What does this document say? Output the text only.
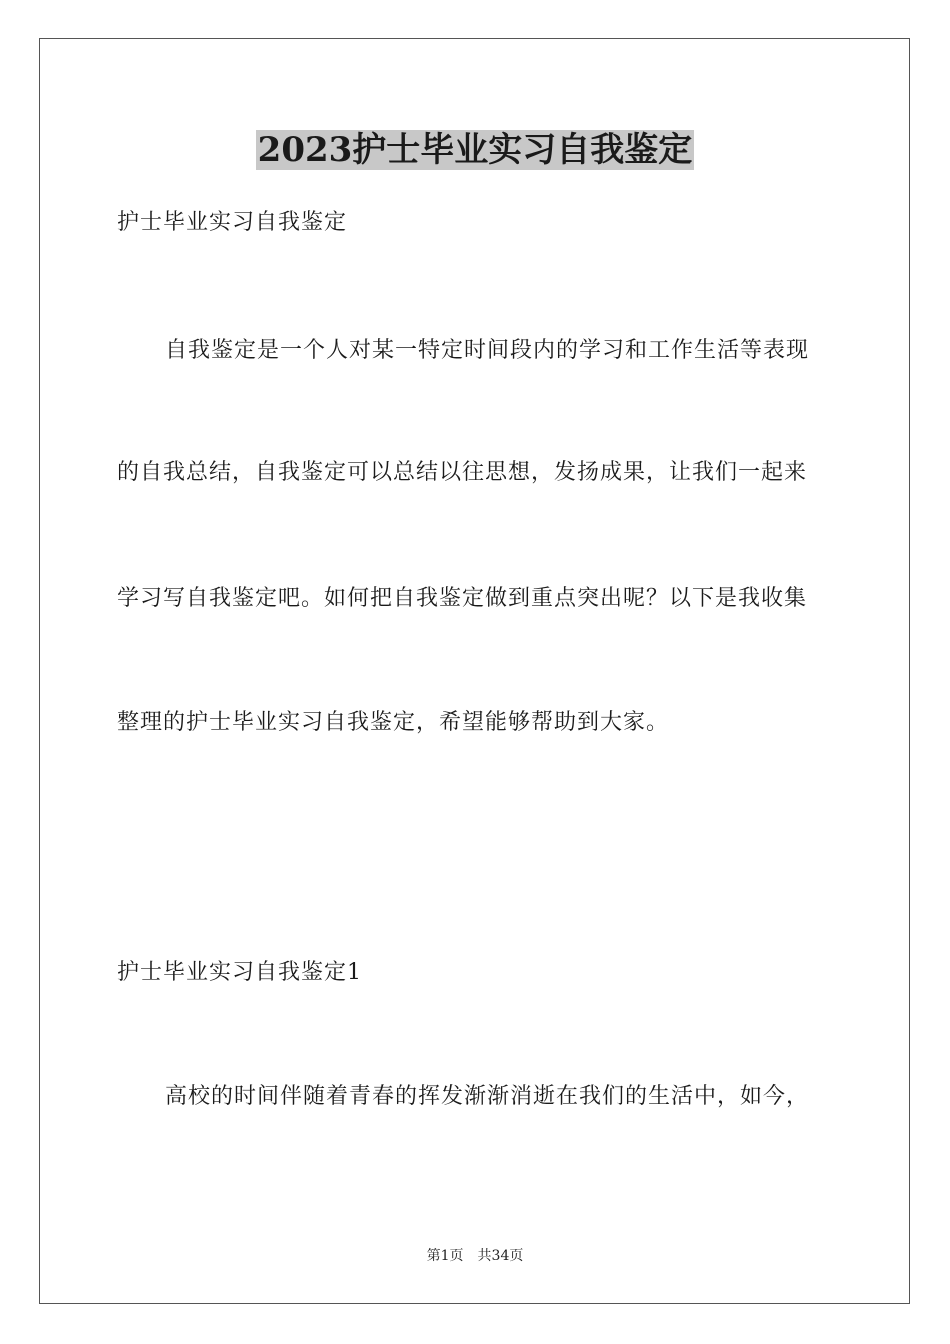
2023护士毕业实习自我鉴定
护士毕业实习自我鉴定
自我鉴定是一个人对某一特定时间段内的学习和工作生活等表现
的自我总结，自我鉴定可以总结以往思想，发扬成果，让我们一起来
学习写自我鉴定吧。如何把自我鉴定做到重点突出呢？以下是我收集
整理的护士毕业实习自我鉴定，希望能够帮助到大家。
护士毕业实习自我鉴定1
高校的时间伴随着青春的挥发渐渐消逝在我们的生活中，如今，
第1页 共34页
